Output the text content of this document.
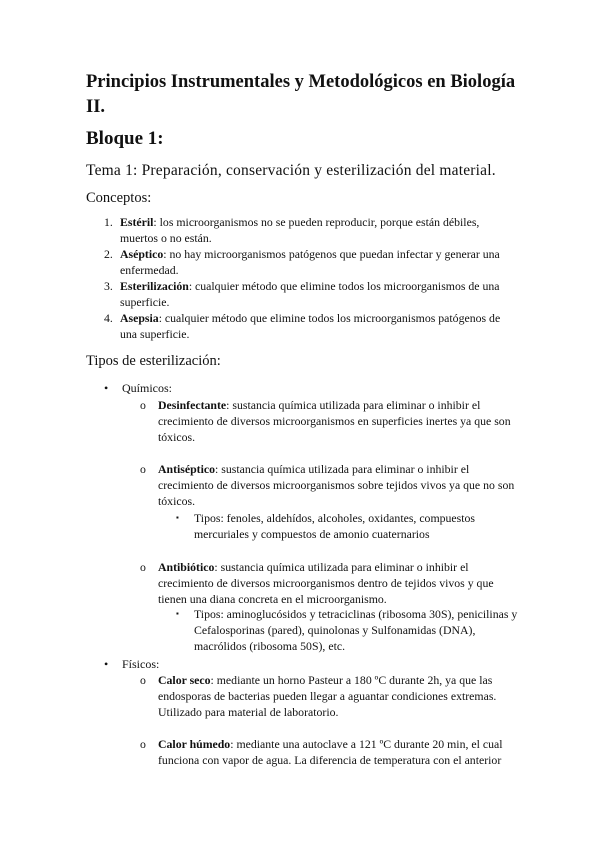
Principios Instrumentales y Metodológicos en Biología II.
Bloque 1:
Tema 1: Preparación, conservación y esterilización del material.

Conceptos:

1. Estéril: los microorganismos no se pueden reproducir, porque están débiles, muertos o no están.
2. Aséptico: no hay microorganismos patógenos que puedan infectar y generar una enfermedad.
3. Esterilización: cualquier método que elimine todos los microorganismos de una superficie.
4. Asepsia: cualquier método que elimine todos los microorganismos patógenos de una superficie.

Tipos de esterilización:

• Químicos:
o Desinfectante: sustancia química utilizada para eliminar o inhibir el crecimiento de diversos microorganismos en superficies inertes ya que son tóxicos.
o Antiséptico: sustancia química utilizada para eliminar o inhibir el crecimiento de diversos microorganismos sobre tejidos vivos ya que no son tóxicos.
▪ Tipos: fenoles, aldehídos, alcoholes, oxidantes, compuestos mercuriales y compuestos de amonio cuaternarios
o Antibiótico: sustancia química utilizada para eliminar o inhibir el crecimiento de diversos microorganismos dentro de tejidos vivos y que tienen una diana concreta en el microorganismo.
▪ Tipos: aminoglucósidos y tetraciclinas (ribosoma 30S), penicilinas y Cefalosporinas (pared), quinolonas y Sulfonamidas (DNA), macrólidos (ribosoma 50S), etc.
• Físicos:
o Calor seco: mediante un horno Pasteur a 180 ºC durante 2h, ya que las endosporas de bacterias pueden llegar a aguantar condiciones extremas. Utilizado para material de laboratorio.
o Calor húmedo: mediante una autoclave a 121 ºC durante 20 min, el cual funciona con vapor de agua. La diferencia de temperatura con el anterior
